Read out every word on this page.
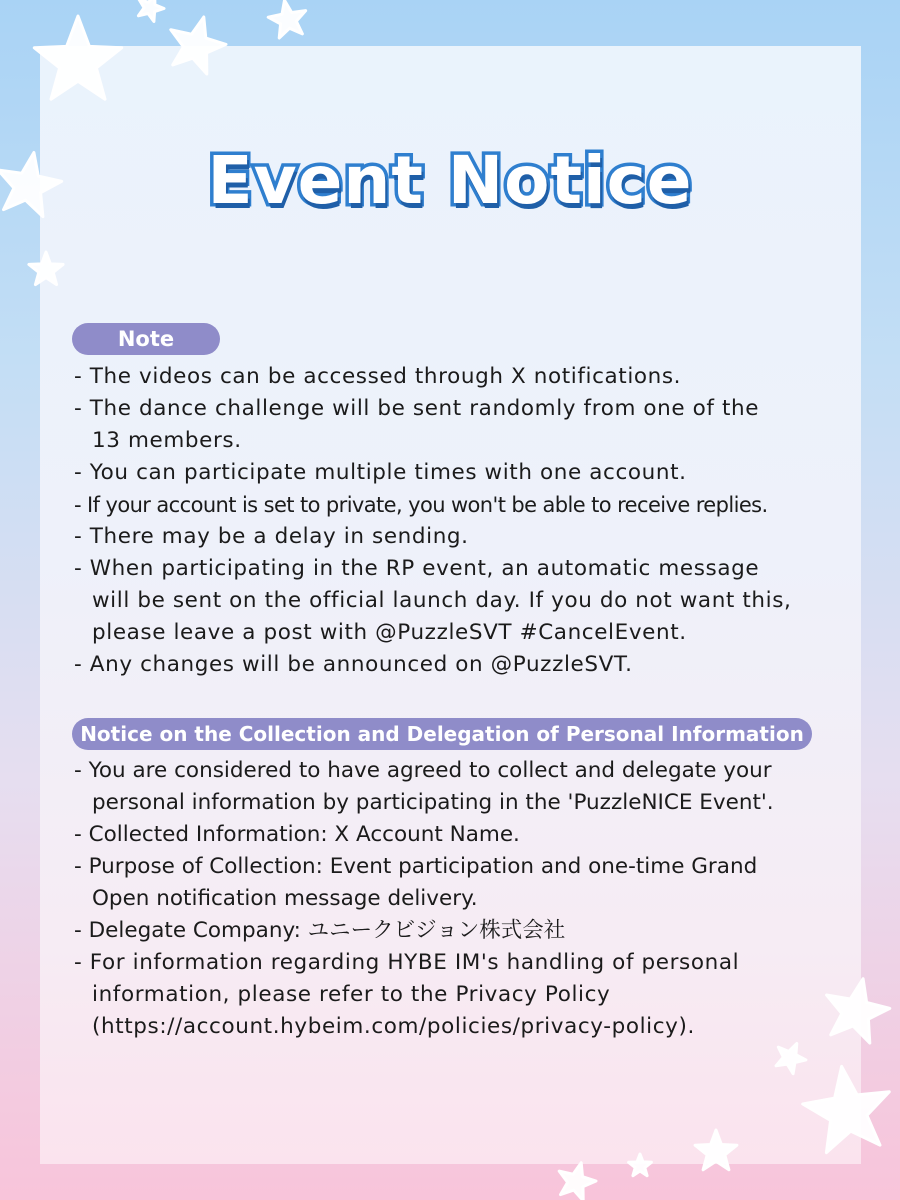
Event Notice
Note
- The videos can be accessed through X notifications.
- The dance challenge will be sent randomly from one of the
13 members.
- You can participate multiple times with one account.
- If your account is set to private, you won't be able to receive replies.
- There may be a delay in sending.
- When participating in the RP event, an automatic message
will be sent on the official launch day. If you do not want this,
please leave a post with @PuzzleSVT #CancelEvent.
- Any changes will be announced on @PuzzleSVT.
Notice on the Collection and Delegation of Personal Information
- You are considered to have agreed to collect and delegate your
personal information by participating in the 'PuzzleNICE Event'.
- Collected Information: X Account Name.
- Purpose of Collection: Event participation and one-time Grand
Open notification message delivery.
- Delegate Company: ユニークビジョン株式会社
- For information regarding HYBE IM's handling of personal
information, please refer to the Privacy Policy
(https://account.hybeim.com/policies/privacy-policy).
